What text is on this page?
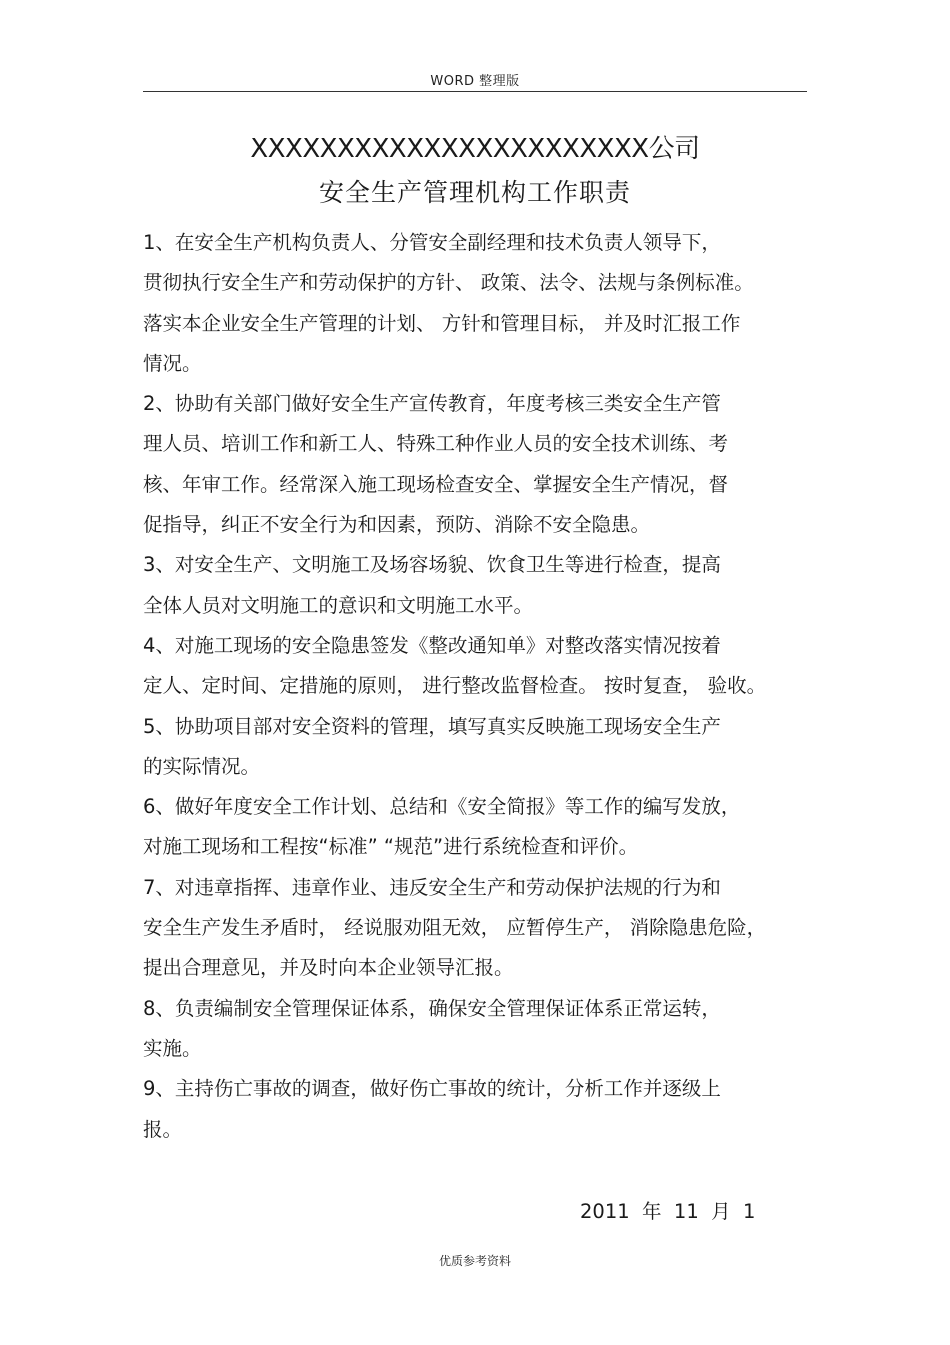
WORD 整理版
XXXXXXXXXXXXXXXXXXXXXXX公司
安全生产管理机构工作职责
1、在安全生产机构负责人、分管安全副经理和技术负责人领导下，
贯彻执行安全生产和劳动保护的方针、 政策、法令、法规与条例标准。
落实本企业安全生产管理的计划、 方针和管理目标， 并及时汇报工作
情况。
2、协助有关部门做好安全生产宣传教育，年度考核三类安全生产管
理人员、培训工作和新工人、特殊工种作业人员的安全技术训练、考
核、年审工作。经常深入施工现场检查安全、掌握安全生产情况，督
促指导，纠正不安全行为和因素，预防、消除不安全隐患。
3、对安全生产、文明施工及场容场貌、饮食卫生等进行检查，提高
全体人员对文明施工的意识和文明施工水平。
4、对施工现场的安全隐患签发《整改通知单》对整改落实情况按着
定人、定时间、定措施的原则， 进行整改监督检查。 按时复查， 验收。
5、协助项目部对安全资料的管理，填写真实反映施工现场安全生产
的实际情况。
6、做好年度安全工作计划、总结和《安全简报》等工作的编写发放，
对施工现场和工程按“标准” “规范”进行系统检查和评价。
7、对违章指挥、违章作业、违反安全生产和劳动保护法规的行为和
安全生产发生矛盾时， 经说服劝阻无效， 应暂停生产， 消除隐患危险，
提出合理意见，并及时向本企业领导汇报。
8、负责编制安全管理保证体系，确保安全管理保证体系正常运转，
实施。
9、主持伤亡事故的调查，做好伤亡事故的统计，分析工作并逐级上
报。
2011  年  11  月  1
优质参考资料
